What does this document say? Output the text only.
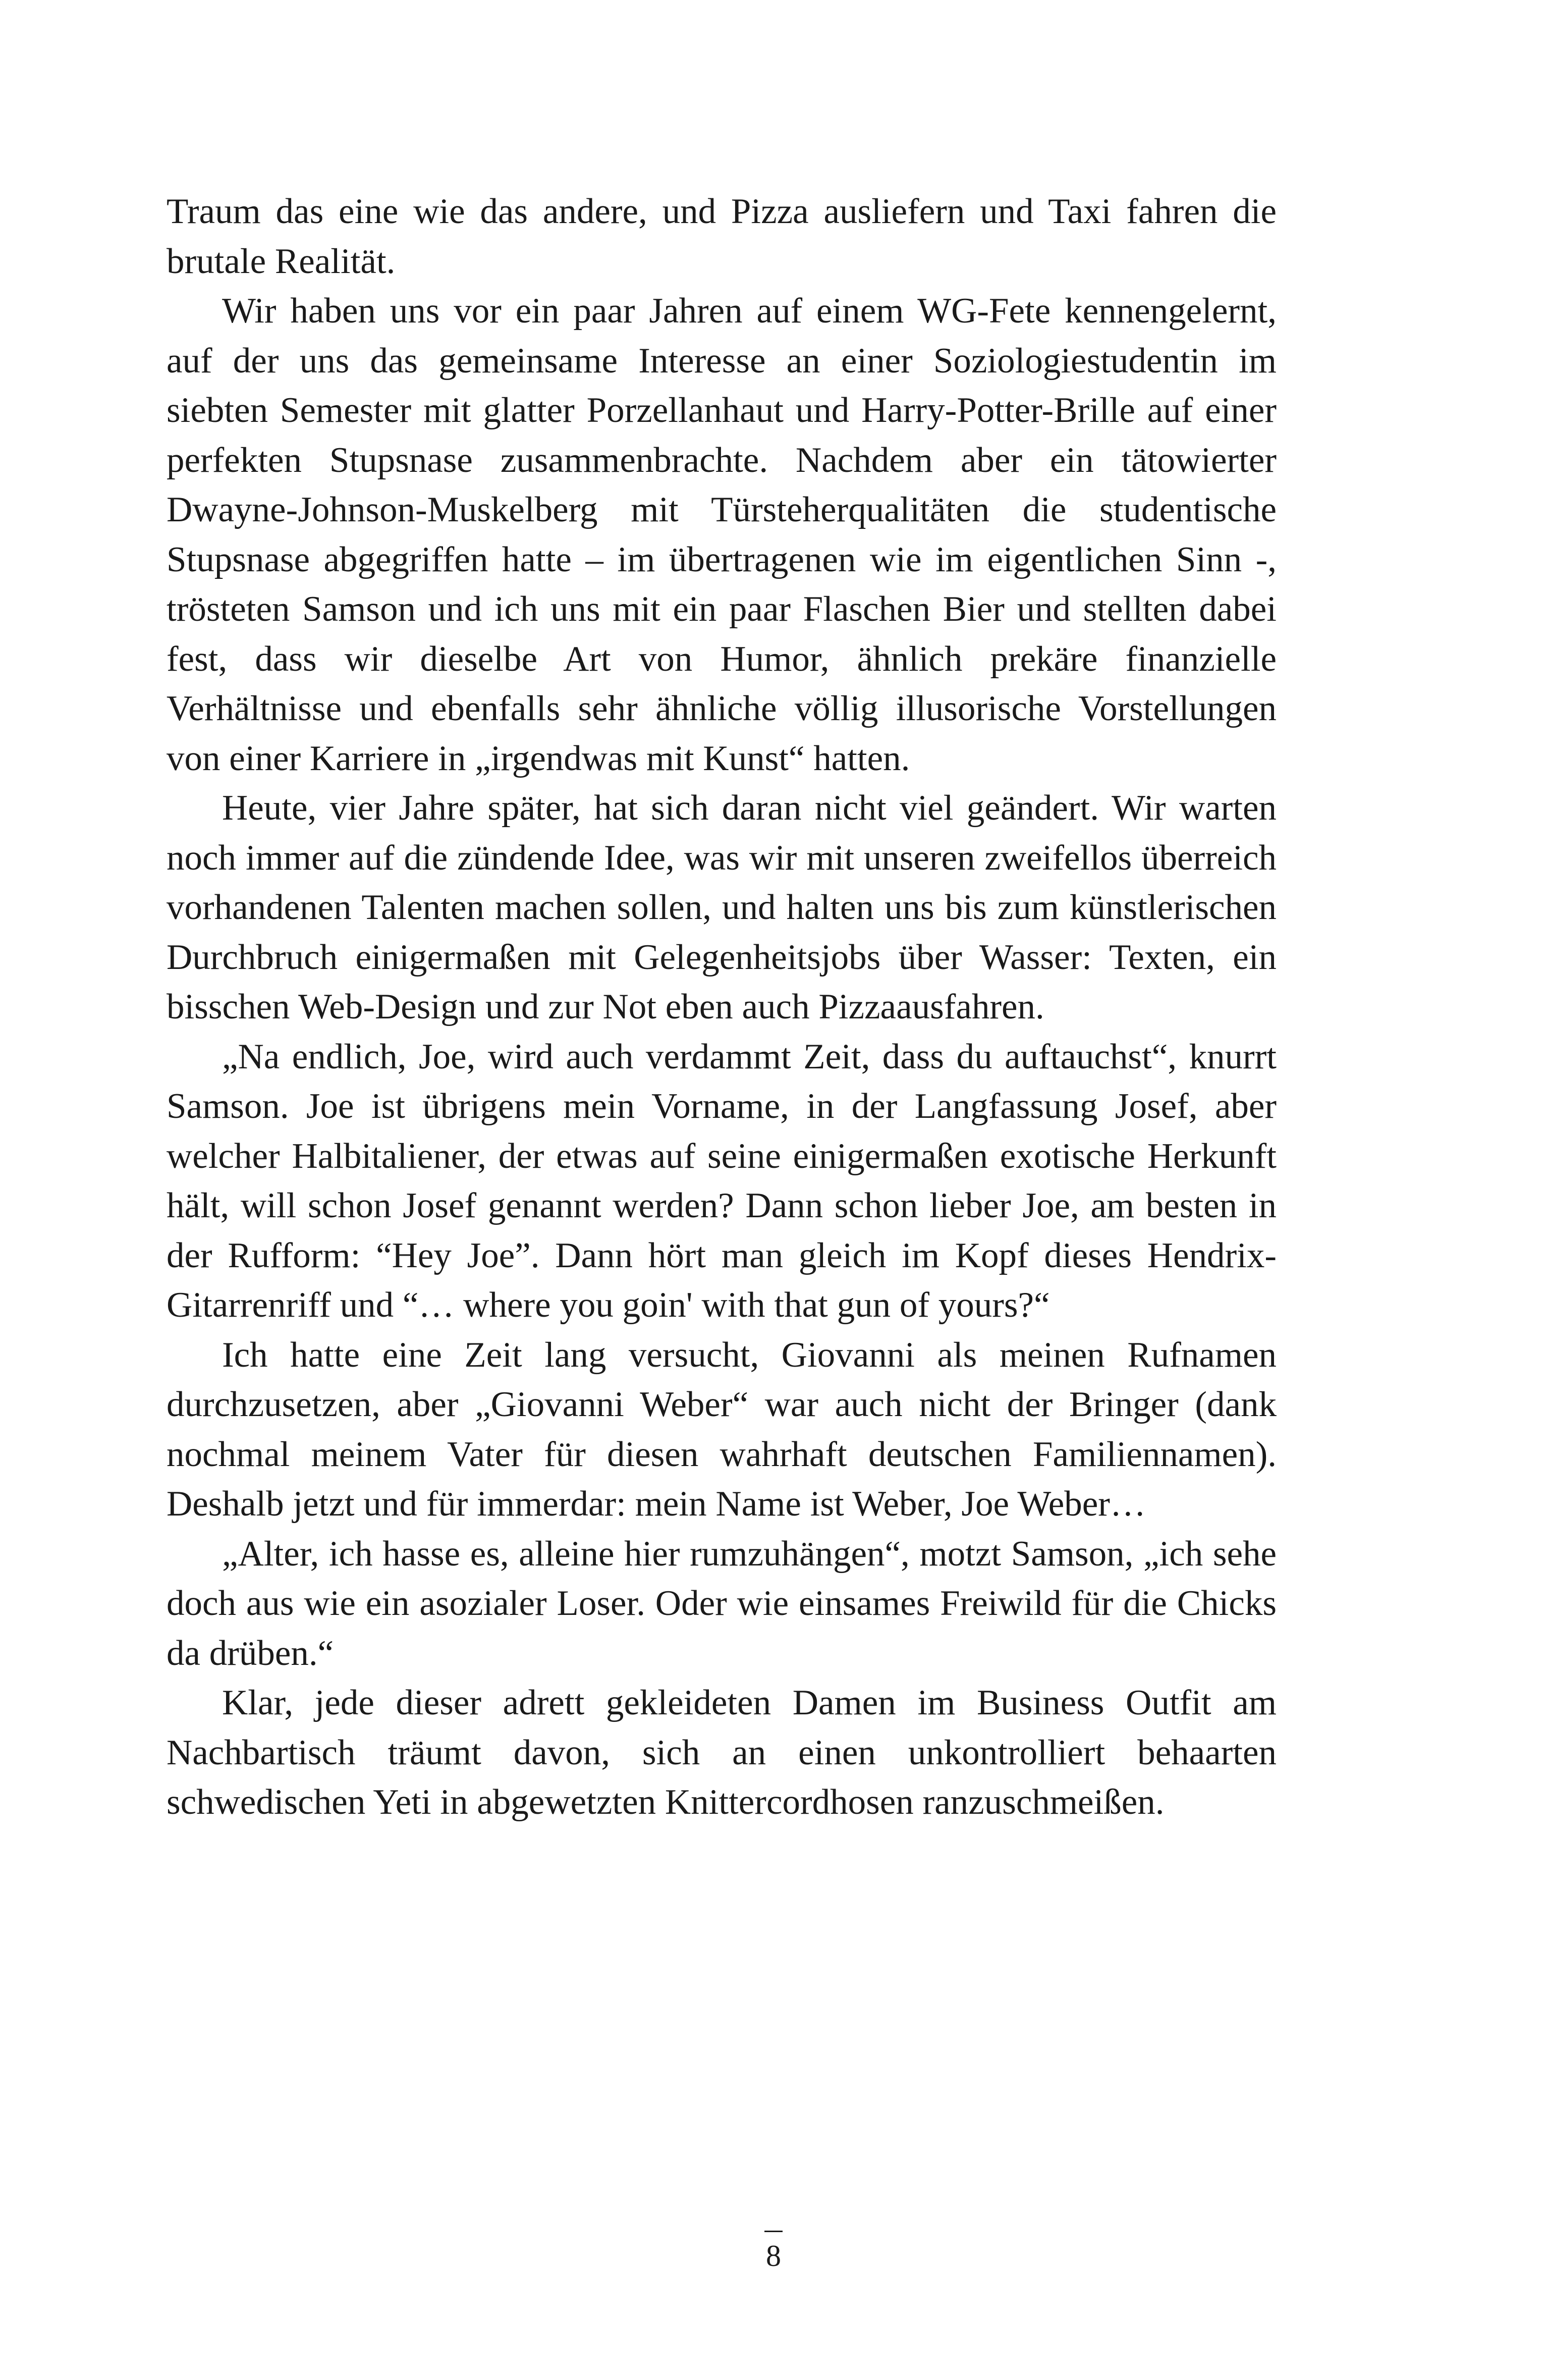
Traum das eine wie das andere, und Pizza ausliefern und Taxi fahren die brutale Realität.

Wir haben uns vor ein paar Jahren auf einem WG-Fete kennengelernt, auf der uns das gemeinsame Interesse an einer Soziologiestudentin im siebten Semester mit glatter Porzellanhaut und Harry-Potter-Brille auf einer perfekten Stupsnase zusammenbrachte. Nachdem aber ein tätowierter Dwayne-Johnson-Muskelberg mit Türsteherqualitäten die studentische Stupsnase abgegriffen hatte – im übertragenen wie im eigentlichen Sinn -, trösteten Samson und ich uns mit ein paar Flaschen Bier und stellten dabei fest, dass wir dieselbe Art von Humor, ähnlich prekäre finanzielle Verhältnisse und ebenfalls sehr ähnliche völlig illusorische Vorstellungen von einer Karriere in „irgendwas mit Kunst“ hatten.

Heute, vier Jahre später, hat sich daran nicht viel geändert. Wir warten noch immer auf die zündende Idee, was wir mit unseren zweifellos überreich vorhandenen Talenten machen sollen, und halten uns bis zum künstlerischen Durchbruch einigermaßen mit Gelegenheitsjobs über Wasser: Texten, ein bisschen Web-Design und zur Not eben auch Pizzaausfahren.

„Na endlich, Joe, wird auch verdammt Zeit, dass du auftauchst“, knurrt Samson. Joe ist übrigens mein Vorname, in der Langfassung Josef, aber welcher Halbitaliener, der etwas auf seine einigermaßen exotische Herkunft hält, will schon Josef genannt werden? Dann schon lieber Joe, am besten in der Rufform: “Hey Joe”. Dann hört man gleich im Kopf dieses Hendrix-Gitarrenriff und “… where you goin' with that gun of yours?“

Ich hatte eine Zeit lang versucht, Giovanni als meinen Rufnamen durchzusetzen, aber „Giovanni Weber“ war auch nicht der Bringer (dank nochmal meinem Vater für diesen wahrhaft deutschen Familiennamen). Deshalb jetzt und für immerdar: mein Name ist Weber, Joe Weber…

„Alter, ich hasse es, alleine hier rumzuhängen“, motzt Samson, „ich sehe doch aus wie ein asozialer Loser. Oder wie einsames Freiwild für die Chicks da drüben.“

Klar, jede dieser adrett gekleideten Damen im Business Outfit am Nachbartisch träumt davon, sich an einen unkontrolliert behaarten schwedischen Yeti in abgewetzten Knittercordhosen ranzuschmeißen.

8
